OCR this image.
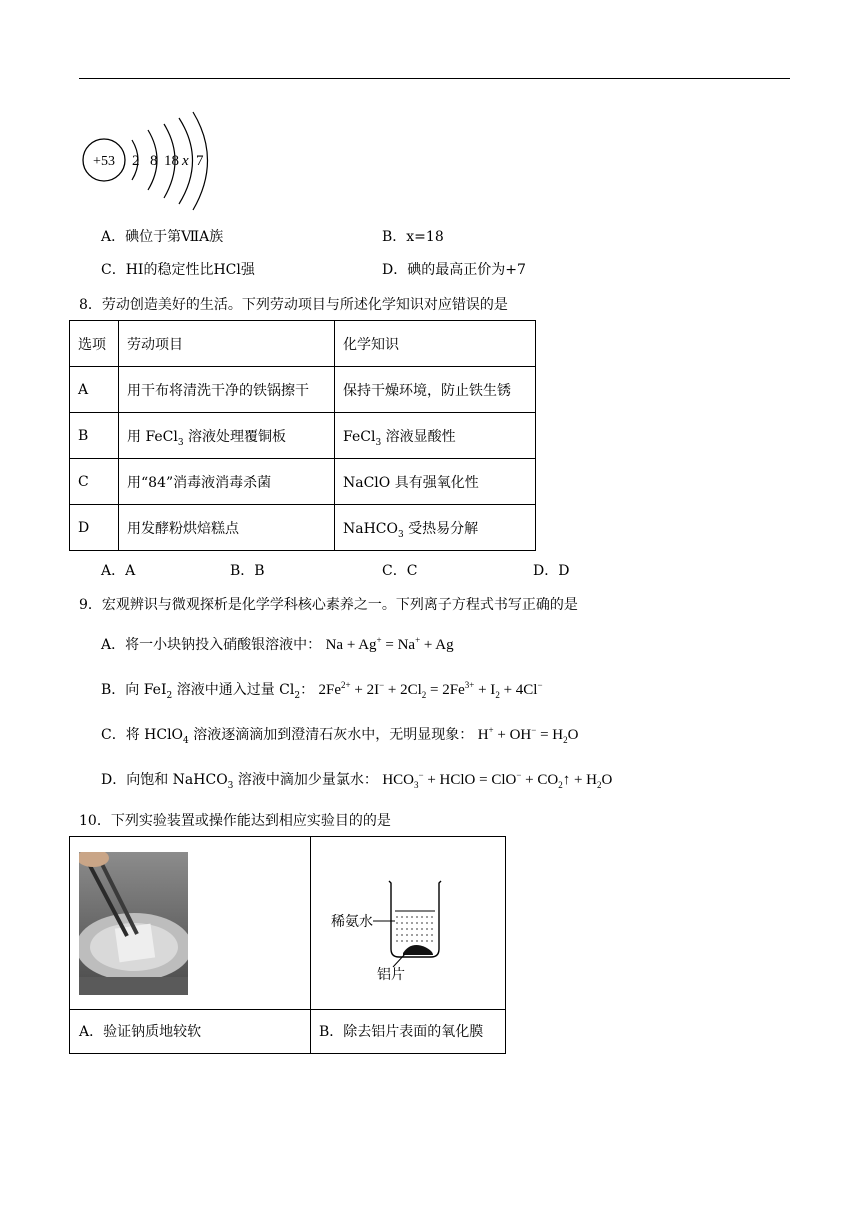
+53 2 8 18 x 7
A．碘位于第ⅦA族	B．x=18
C．HI的稳定性比HCl强	D．碘的最高正价为+7
8．劳动创造美好的生活。下列劳动项目与所述化学知识对应错误的是
选项	劳动项目	化学知识
A	用干布将清洗干净的铁锅擦干	保持干燥环境，防止铁生锈
B	用 FeCl$_3$ 溶液处理覆铜板	FeCl$_3$ 溶液显酸性
C	用“84”消毒液消毒杀菌	NaClO 具有强氧化性
D	用发酵粉烘焙糕点	NaHCO$_3$ 受热易分解
A．A	B．B	C．C	D．D
9．宏观辨识与微观探析是化学学科核心素养之一。下列离子方程式书写正确的是
A．将一小块钠投入硝酸银溶液中： Na + Ag+ = Na+ + Ag
B．向 FeI$_2$ 溶液中通入过量 $Cl_2$： $2Fe^{2+} + 2I^- + 2Cl_2 = 2Fe^{3+} + I_2 + 4Cl^-$
C．将 HClO$_4$ 溶液逐滴滴加到澄清石灰水中，无明显现象： $H^+ + OH^- = H_2O$
D．向饱和 NaHCO$_3$ 溶液中滴加少量氯水： $HCO_3^-$ + HClO = $ClO^- + CO_2↑ + H_2O$
10．下列实验装置或操作能达到相应实验目的的是
稀氨水
铝片
A．验证钠质地较软	B．除去铝片表面的氧化膜
